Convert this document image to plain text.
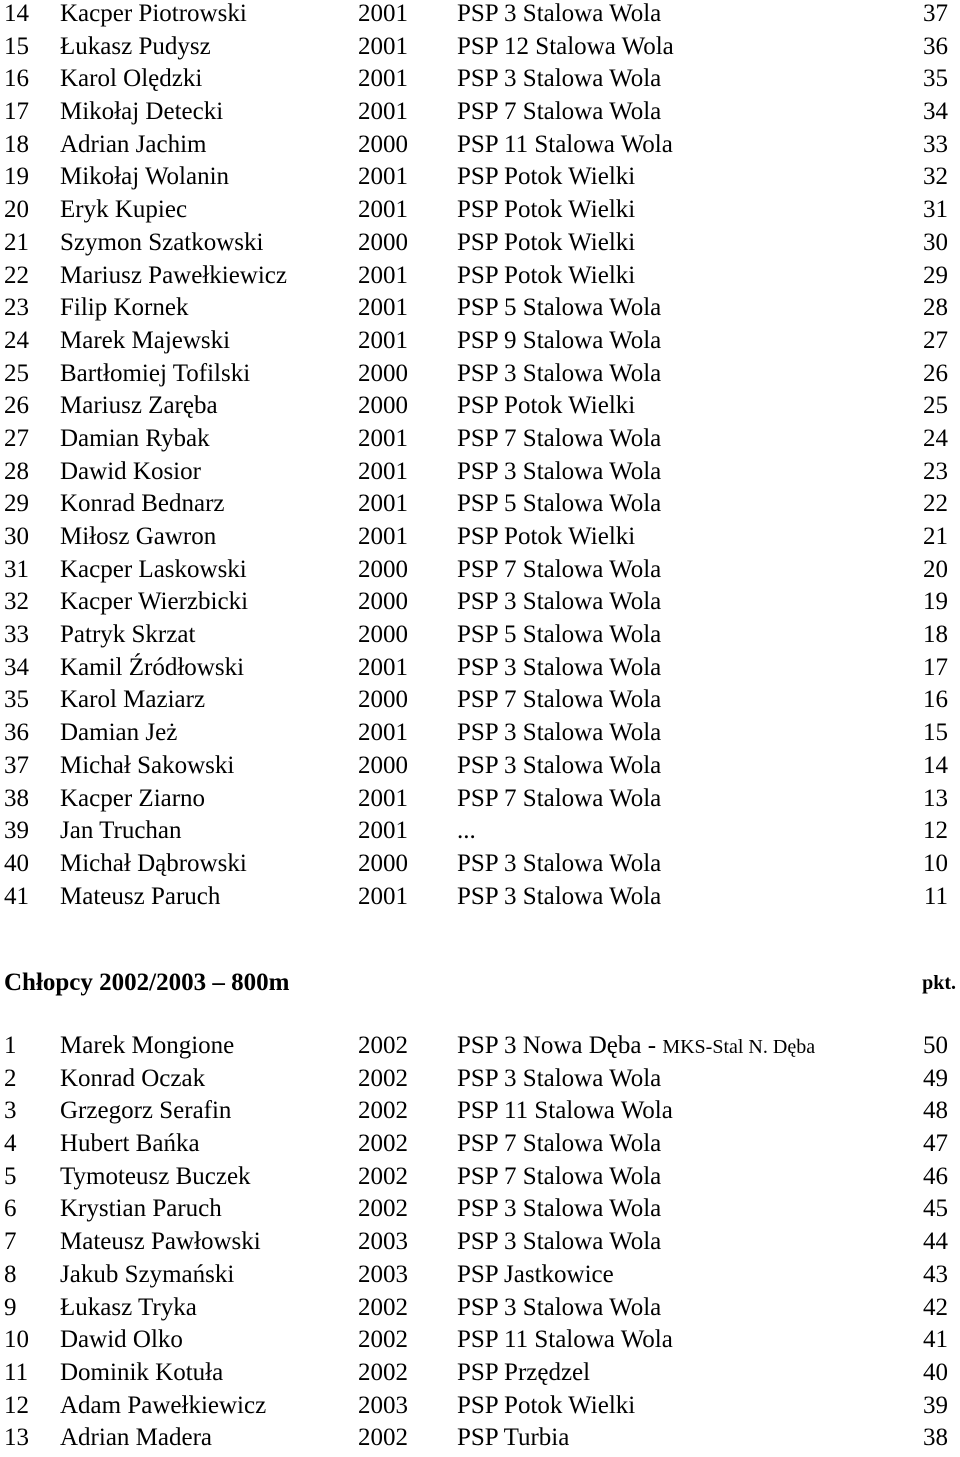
14 Kacper Piotrowski	2001 PSP 3 Stalowa Wola	37
15 Łukasz Pudysz	2001 PSP 12 Stalowa Wola	36
16 Karol Olędzki	2001 PSP 3 Stalowa Wola	35
17 Mikołaj Detecki	2001 PSP 7 Stalowa Wola	34
18 Adrian Jachim	2000 PSP 11 Stalowa Wola	33
19 Mikołaj Wolanin	2001 PSP Potok Wielki	32
20 Eryk Kupiec	2001 PSP Potok Wielki	31
21 Szymon Szatkowski	2000 PSP Potok Wielki	30
22 Mariusz Pawełkiewicz	2001 PSP Potok Wielki	29
23 Filip Kornek	2001 PSP 5 Stalowa Wola	28
24 Marek Majewski	2001 PSP 9 Stalowa Wola	27
25 Bartłomiej Tofilski	2000 PSP 3 Stalowa Wola	26
26 Mariusz Zaręba	2000 PSP Potok Wielki	25
27 Damian Rybak	2001 PSP 7 Stalowa Wola	24
28 Dawid Kosior	2001 PSP 3 Stalowa Wola	23
29 Konrad Bednarz	2001 PSP 5 Stalowa Wola	22
30 Miłosz Gawron	2001 PSP Potok Wielki	21
31 Kacper Laskowski	2000 PSP 7 Stalowa Wola	20
32 Kacper Wierzbicki	2000 PSP 3 Stalowa Wola	19
33 Patryk Skrzat	2000 PSP 5 Stalowa Wola	18
34 Kamil Źródłowski	2001 PSP 3 Stalowa Wola	17
35 Karol Maziarz	2000 PSP 7 Stalowa Wola	16
36 Damian Jeż	2001 PSP 3 Stalowa Wola	15
37 Michał Sakowski	2000 PSP 3 Stalowa Wola	14
38 Kacper Ziarno	2001 PSP 7 Stalowa Wola	13
39 Jan Truchan	2001 ...	12
40 Michał Dąbrowski	2000 PSP 3 Stalowa Wola	10
41 Mateusz Paruch	2001 PSP 3 Stalowa Wola	11
Chłopcy 2002/2003 – 800m	pkt.
1 Marek Mongione	2002 PSP 3 Nowa Dęba - MKS-Stal N. Dęba	50
2 Konrad Oczak	2002 PSP 3 Stalowa Wola	49
3 Grzegorz Serafin	2002 PSP 11 Stalowa Wola	48
4 Hubert Bańka	2002 PSP 7 Stalowa Wola	47
5 Tymoteusz Buczek	2002 PSP 7 Stalowa Wola	46
6 Krystian Paruch	2002 PSP 3 Stalowa Wola	45
7 Mateusz Pawłowski	2003 PSP 3 Stalowa Wola	44
8 Jakub Szymański	2003 PSP Jastkowice	43
9 Łukasz Tryka	2002 PSP 3 Stalowa Wola	42
10 Dawid Olko	2002 PSP 11 Stalowa Wola	41
11 Dominik Kotuła	2002 PSP Przędzel	40
12 Adam Pawełkiewicz	2003 PSP Potok Wielki	39
13 Adrian Madera	2002 PSP Turbia	38
